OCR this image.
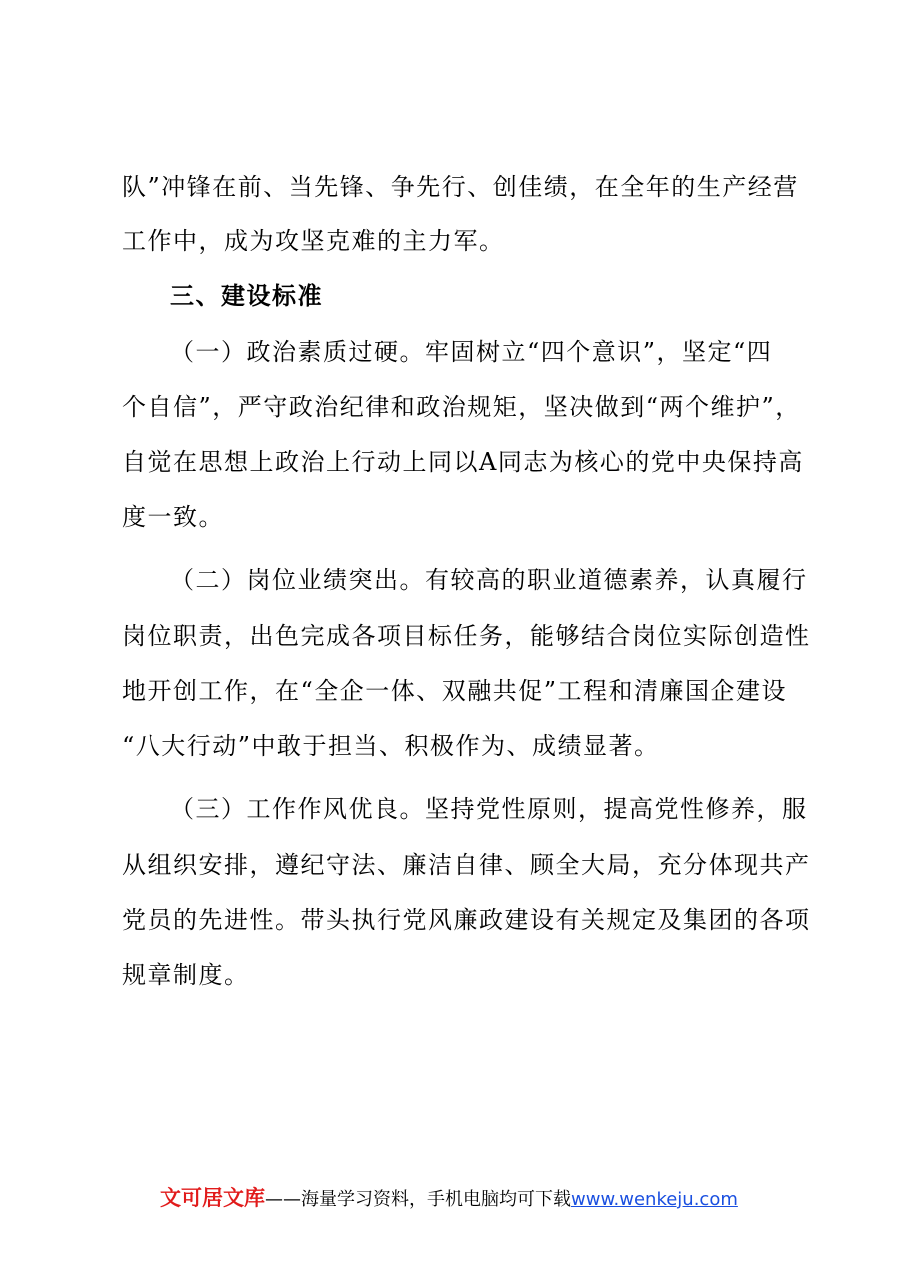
队”冲锋在前、当先锋、争先行、创佳绩，在全年的生产经营
工作中，成为攻坚克难的主力军。
三、建设标准
（一）政治素质过硬。牢固树立“四个意识”，坚定“四
个自信”，严守政治纪律和政治规矩，坚决做到“两个维护”，
自觉在思想上政治上行动上同以A同志为核心的党中央保持高
度一致。
（二）岗位业绩突出。有较高的职业道德素养，认真履行
岗位职责，出色完成各项目标任务，能够结合岗位实际创造性
地开创工作，在“全企一体、双融共促”工程和清廉国企建设
“八大行动”中敢于担当、积极作为、成绩显著。
（三）工作作风优良。坚持党性原则，提高党性修养，服
从组织安排，遵纪守法、廉洁自律、顾全大局，充分体现共产
党员的先进性。带头执行党风廉政建设有关规定及集团的各项
规章制度。
文可居文库——海量学习资料，手机电脑均可下载www.wenkeju.com
